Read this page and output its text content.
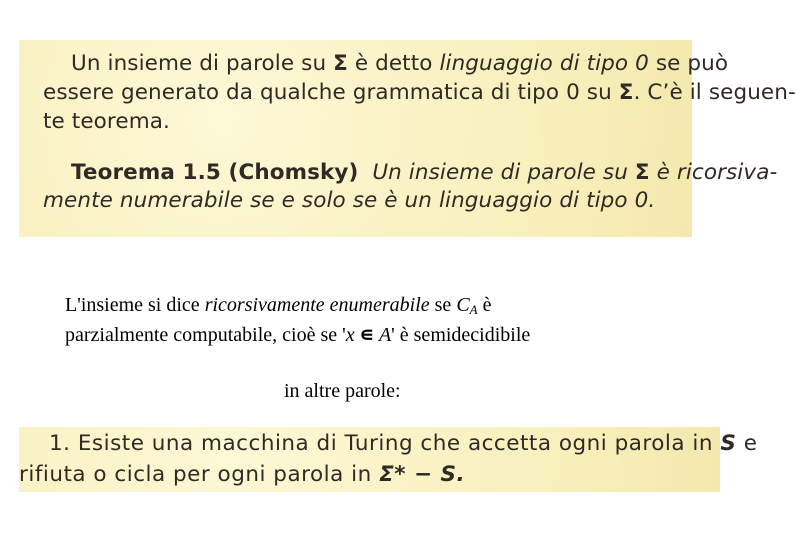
Un insieme di parole su Σ è detto linguaggio di tipo 0 se può
essere generato da qualche grammatica di tipo 0 su Σ. C’è il seguen-
te teorema.
Teorema 1.5 (Chomsky) Un insieme di parole su Σ è ricorsiva-
mente numerabile se e solo se è un linguaggio di tipo 0.
L'insieme si dice ricorsivamente enumerabile se $C_A$ è
parzialmente computabile, cioè se 'x ∊ A' è semidecidibile
in altre parole:
1. Esiste una macchina di Turing che accetta ogni parola in S e
rifiuta o cicla per ogni parola in Σ* − S.
